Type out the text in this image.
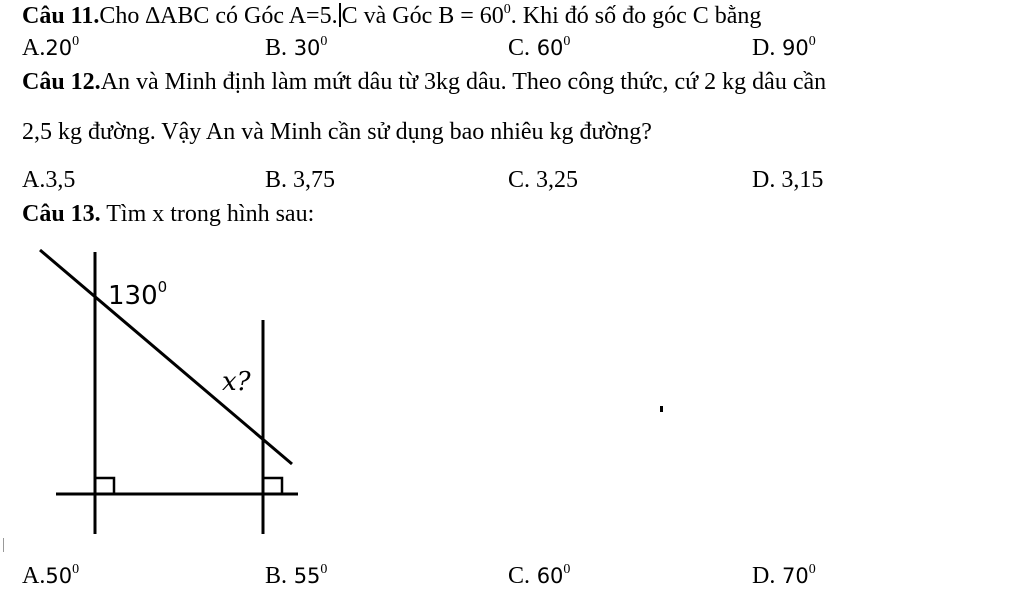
Câu 11.Cho ∆ABC có Góc A=5. C và Góc $B = 60^0$. Khi đó số đo góc C bằng
$A.20^0$	B. $30^0$	C. $60^0$	D. $90^0$
Câu 12.An và Minh định làm mứt dâu từ 3kg dâu. Theo công thức, cứ 2 kg dâu cần
2,5 kg đường. Vậy An và Minh cần sử dụng bao nhiêu kg đường?
A.3,5	B. 3,75	C. 3,25	D. 3,15
Câu 13. Tìm x trong hình sau:
$130^0$
x?
$A.50^0$	B. $55^0$	C. $60^0$	D. $70^0$
